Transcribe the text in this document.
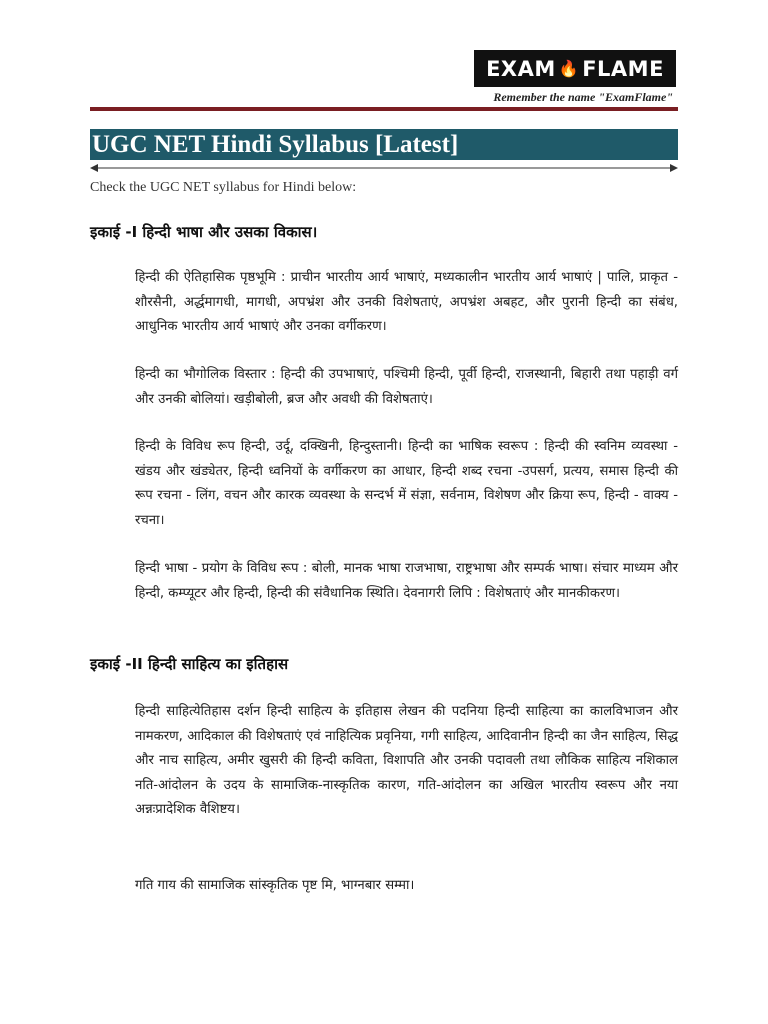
EXAM 🔥 FLAME
Remember the name "ExamFlame"
UGC NET Hindi Syllabus [Latest]
Check the UGC NET syllabus for Hindi below:
इकाई -I हिन्दी भाषा और उसका विकास।
हिन्दी की ऐतिहासिक पृष्ठभूमि : प्राचीन भारतीय आर्य भाषाएं, मध्यकालीन भारतीय आर्य भाषाएं | पालि, प्राकृत - शौरसैनी, अर्द्धमागधी, मागधी, अपभ्रंश और उनकी विशेषताएं, अपभ्रंश अबहट, और पुरानी हिन्दी का संबंध, आधुनिक भारतीय आर्य भाषाएं और उनका वर्गीकरण।
हिन्दी का भौगोलिक विस्तार : हिन्दी की उपभाषाएं, पश्चिमी हिन्दी, पूर्वी हिन्दी, राजस्थानी, बिहारी तथा पहाड़ी वर्ग और उनकी बोलियां। खड़ीबोली, ब्रज और अवधी की विशेषताएं।
हिन्दी के विविध रूप हिन्दी, उर्दू, दक्खिनी, हिन्दुस्तानी। हिन्दी का भाषिक स्वरूप : हिन्दी की स्वनिम व्यवस्था - खंडय और खंड्येतर, हिन्दी ध्वनियों के वर्गीकरण का आधार, हिन्दी शब्द रचना -उपसर्ग, प्रत्यय, समास हिन्दी की रूप रचना - लिंग, वचन और कारक व्यवस्था के सन्दर्भ में संज्ञा, सर्वनाम, विशेषण और क्रिया रूप, हिन्दी - वाक्य - रचना।
हिन्दी भाषा - प्रयोग के विविध रूप : बोली, मानक भाषा राजभाषा, राष्ट्रभाषा और सम्पर्क भाषा। संचार माध्यम और हिन्दी, कम्प्यूटर और हिन्दी, हिन्दी की संवैधानिक स्थिति। देवनागरी लिपि : विशेषताएं और मानकीकरण।
इकाई -II हिन्दी साहित्य का इतिहास
हिन्दी साहित्येतिहास दर्शन हिन्दी साहित्य के इतिहास लेखन की पदनिया हिन्दी साहित्या का कालविभाजन और नामकरण, आदिकाल की विशेषताएं एवं नाहित्यिक प्रवृनिया, गगी साहित्य, आदिवानीन हिन्दी का जैन साहित्य, सिद्ध और नाच साहित्य, अमीर खुसरी की हिन्दी कविता, विशापति और उनकी पदावली तथा लौकिक साहित्य नशिकाल नति-आंदोलन के उदय के सामाजिक-नास्कृतिक कारण, गति-आंदोलन का अखिल भारतीय स्वरूप और नया अन्नःप्रादेशिक वैशिष्टय।
गति गाय की सामाजिक सांस्कृतिक पृष्ट मि, भाग्नबार सम्मा।
